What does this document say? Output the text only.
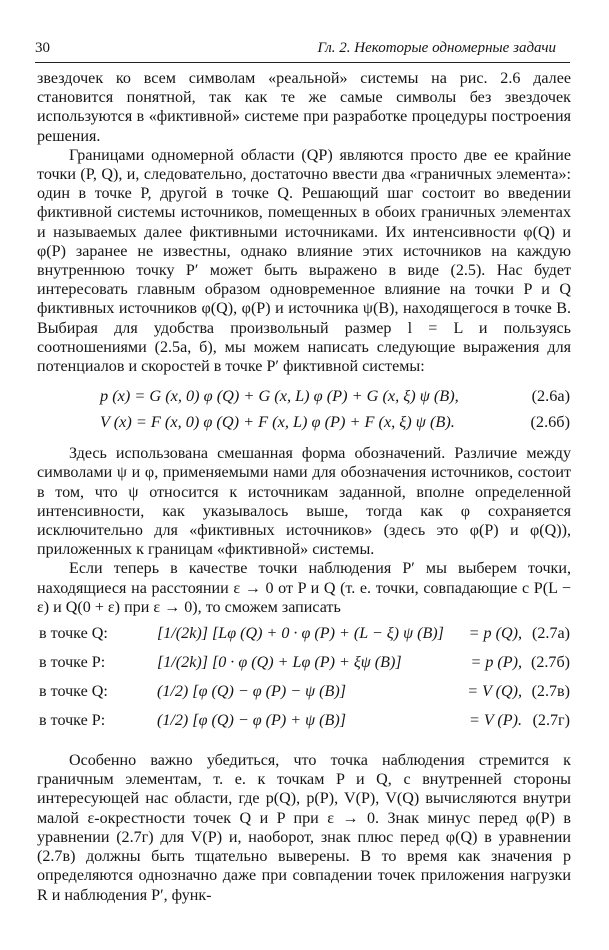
30	Гл. 2. Некоторые одномерные задачи

звездочек ко всем символам «реальной» системы на рис. 2.6 далее становится понятной, так как те же самые символы без звездочек используются в «фиктивной» системе при разработке процедуры построения решения.

Границами одномерной области (QP) являются просто две ее крайние точки (P, Q), и, следовательно, достаточно ввести два «граничных элемента»: один в точке P, другой в точке Q. Решающий шаг состоит во введении фиктивной системы источников, помещенных в обоих граничных элементах и называемых далее фиктивными источниками. Их интенсивности φ(Q) и φ(P) заранее не известны, однако влияние этих источников на каждую внутреннюю точку P′ может быть выражено в виде (2.5). Нас будет интересовать главным образом одновременное влияние на точки P и Q фиктивных источников φ(Q), φ(P) и источника ψ(B), находящегося в точке B. Выбирая для удобства произвольный размер l = L и пользуясь соотношениями (2.5а, б), мы можем написать следующие выражения для потенциалов и скоростей в точке P′ фиктивной системы:

p (x) = G (x, 0) φ (Q) + G (x, L) φ (P) + G (x, ξ) ψ (B),	(2.6а)
V (x) = F (x, 0) φ (Q) + F (x, L) φ (P) + F (x, ξ) ψ (B).	(2.6б)

Здесь использована смешанная форма обозначений. Различие между символами ψ и φ, применяемыми нами для обозначения источников, состоит в том, что ψ относится к источникам заданной, вполне определенной интенсивности, как указывалось выше, тогда как φ сохраняется исключительно для «фиктивных источников» (здесь это φ(P) и φ(Q)), приложенных к границам «фиктивной» системы.

Если теперь в качестве точки наблюдения P′ мы выберем точки, находящиеся на расстоянии ε → 0 от P и Q (т. е. точки, совпадающие с P(L − ε) и Q(0 + ε) при ε → 0), то сможем записать

в точке Q:	[1/(2k)] [Lφ (Q) + 0 · φ (P) + (L − ξ) ψ (B)] = p (Q), (2.7а)
в точке P:	[1/(2k)] [0 · φ (Q) + Lφ (P) + ξψ (B)]	= p (P), (2.7б)
в точке Q:	(1/2) [φ (Q) − φ (P) − ψ (B)]	= V (Q), (2.7в)
в точке P:	(1/2) [φ (Q) − φ (P) + ψ (B)]	= V (P). (2.7г)

Особенно важно убедиться, что точка наблюдения стремится к граничным элементам, т. е. к точкам P и Q, с внутренней стороны интересующей нас области, где p(Q), p(P), V(P), V(Q) вычисляются внутри малой ε-окрестности точек Q и P при ε → 0. Знак минус перед φ(P) в уравнении (2.7г) для V(P) и, наоборот, знак плюс перед φ(Q) в уравнении (2.7в) должны быть тщательно выверены. В то время как значения p определяются однозначно даже при совпадении точек приложения нагрузки R и наблюдения P′, функ-
